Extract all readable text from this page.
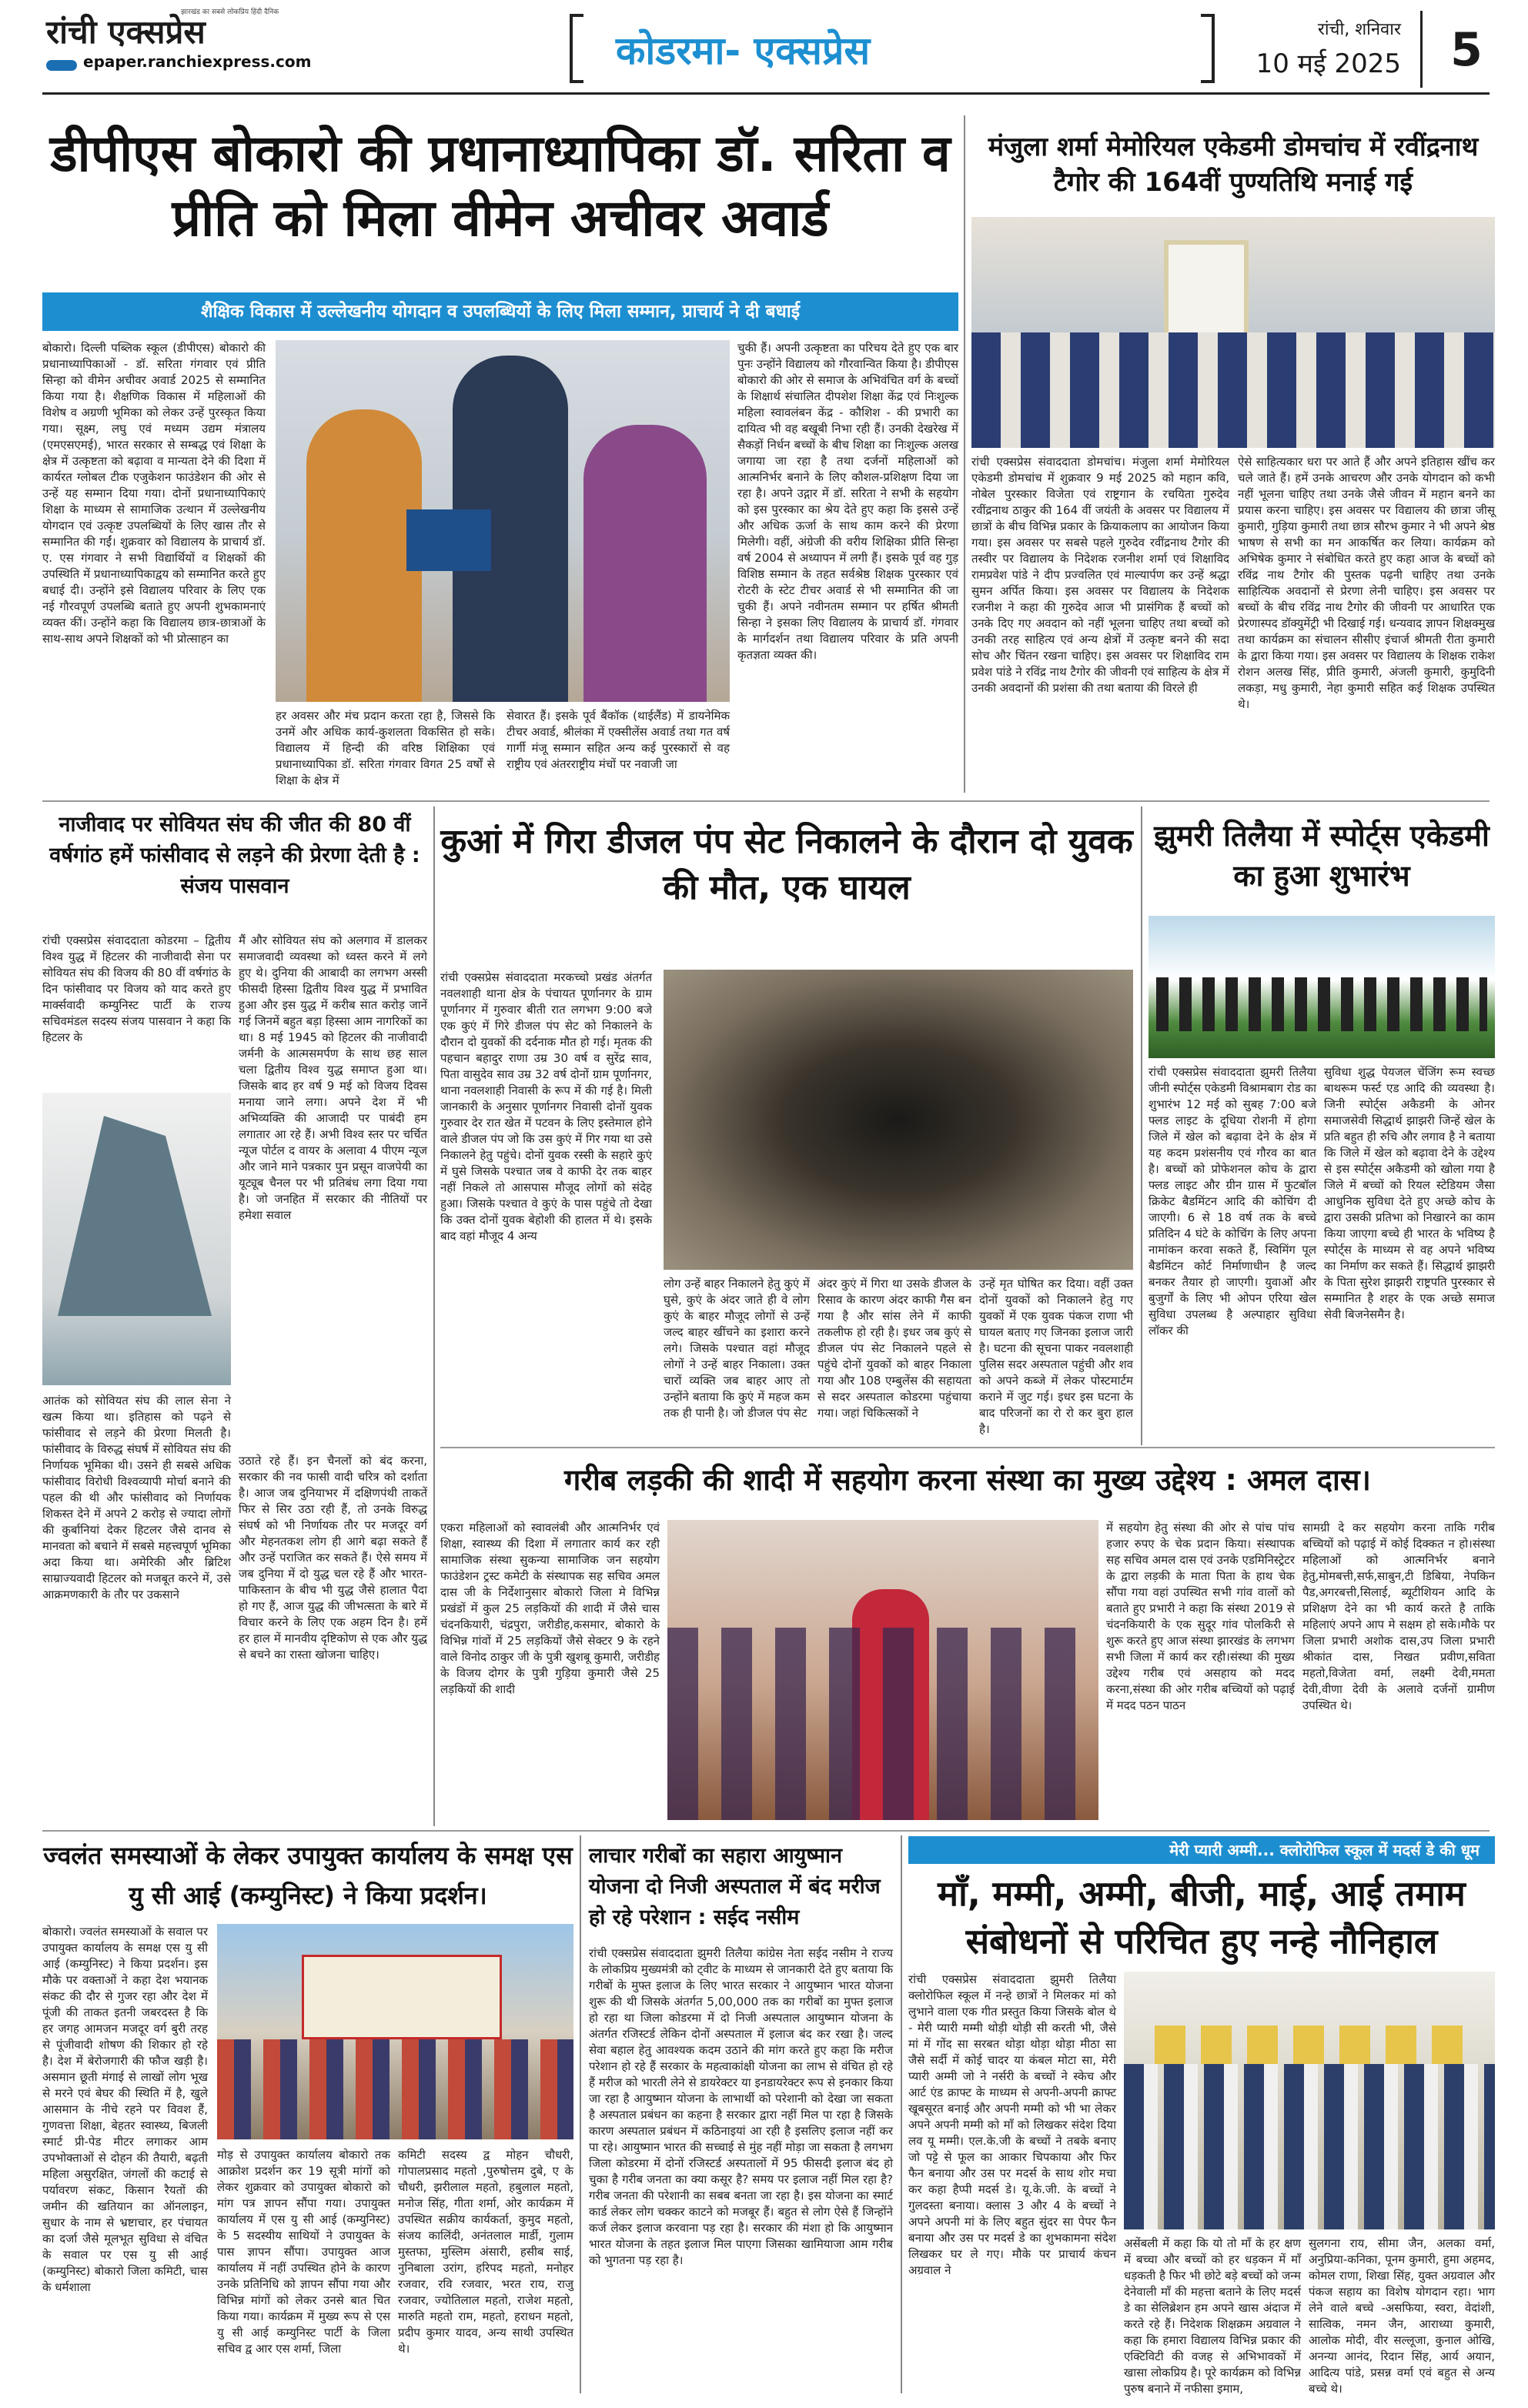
रांची एक्सप्रेस
झारखंड का सबसे लोकप्रिय हिंदी दैनिक
epaper.ranchiexpress.com	कोडरमा- एक्सप्रेस	रांची, शनिवार
10 मई 2025	5
डीपीएस बोकारो की प्रधानाध्यापिका डॉ. सरिता व प्रीति को मिला वीमेन अचीवर अवार्ड
शैक्षिक विकास में उल्लेखनीय योगदान व उपलब्धियों के लिए मिला सम्मान, प्राचार्य ने दी बधाई
बोकारो। दिल्ली पब्लिक स्कूल (डीपीएस) बोकारो की प्रधानाध्यापिकाओं - डॉ. सरिता गंगवार एवं प्रीति सिन्हा को वीमेन अचीवर अवार्ड 2025 से सम्मानित किया गया है। शैक्षणिक विकास में महिलाओं की विशेष व अग्रणी भूमिका को लेकर उन्हें पुरस्कृत किया गया। सूक्ष्म, लघु एवं मध्यम उद्यम मंत्रालय (एमएसएमई), भारत सरकार से सम्बद्ध एवं शिक्षा के क्षेत्र में उत्कृष्टता को बढ़ावा व मान्यता देने की दिशा में कार्यरत ग्लोबल टीक एजुकेशन फाउंडेशन की ओर से उन्हें यह सम्मान दिया गया। दोनों प्रधानाध्यापिकाएं शिक्षा के माध्यम से सामाजिक उत्थान में उल्लेखनीय योगदान एवं उत्कृष्ट उपलब्धियों के लिए खास तौर से सम्मानित की गईं। शुक्रवार को विद्यालय के प्राचार्य डॉ. ए. एस गंगवार ने सभी विद्यार्थियों व शिक्षकों की उपस्थिति में प्रधानाध्यापिकाद्वय को सम्मानित करते हुए बधाई दी। उन्होंने इसे विद्यालय परिवार के लिए एक नई गौरवपूर्ण उपलब्धि बताते हुए अपनी शुभकामनाएं व्यक्त कीं। उन्होंने कहा कि विद्यालय छात्र-छात्राओं के साथ-साथ अपने शिक्षकों को भी प्रोत्साहन का
हर अवसर और मंच प्रदान करता रहा है, जिससे कि उनमें और अधिक कार्य-कुशलता विकसित हो सके। विद्यालय में हिन्दी की वरिष्ठ शिक्षिका एवं प्रधानाध्यापिका डॉ. सरिता गंगवार विगत 25 वर्षों से शिक्षा के क्षेत्र में
सेवारत हैं। इसके पूर्व बैंकॉक (थाईलैंड) में डायनेमिक टीचर अवार्ड, श्रीलंका में एक्सीलेंस अवार्ड तथा गत वर्ष गार्गी मंजू सम्मान सहित अन्य कई पुरस्कारों से वह राष्ट्रीय एवं अंतरराष्ट्रीय मंचों पर नवाजी जा
चुकी हैं। अपनी उत्कृष्टता का परिचय देते हुए एक बार पुनः उन्होंने विद्यालय को गौरवान्वित किया है। डीपीएस बोकारो की ओर से समाज के अभिवंचित वर्ग के बच्चों के शिक्षार्थ संचालित दीपशेश शिक्षा केंद्र एवं निःशुल्क महिला स्वावलंबन केंद्र - कौशिश - की प्रभारी का दायित्व भी वह बखूबी निभा रही हैं। उनकी देखरेख में सैकड़ों निर्धन बच्चों के बीच शिक्षा का निःशुल्क अलख जगाया जा रहा है तथा दर्जनों महिलाओं को आत्मनिर्भर बनाने के लिए कौशल-प्रशिक्षण दिया जा रहा है। अपने उद्गार में डॉ. सरिता ने सभी के सहयोग को इस पुरस्कार का श्रेय देते हुए कहा कि इससे उन्हें और अधिक ऊर्जा के साथ काम करने की प्रेरणा मिलेगी। वहीं, अंग्रेजी की वरीय शिक्षिका प्रीति सिन्हा वर्ष 2004 से अध्यापन में लगी हैं। इसके पूर्व वह गुड़ विशिष्ठ सम्मान के तहत सर्वश्रेष्ठ शिक्षक पुरस्कार एवं रोटरी के स्टेट टीचर अवार्ड से भी सम्मानित की जा चुकी हैं। अपने नवीनतम सम्मान पर हर्षित श्रीमती सिन्हा ने इसका लिए विद्यालय के प्राचार्य डॉ. गंगवार के मार्गदर्शन तथा विद्यालय परिवार के प्रति अपनी कृतज्ञता व्यक्त की।
मंजुला शर्मा मेमोरियल एकेडमी डोमचांच में रवींद्रनाथ टैगोर की 164वीं पुण्यतिथि मनाई गई
रांची एक्सप्रेस संवाददाता डोमचांच। मंजुला शर्मा मेमोरियल एकेडमी डोमचांच में शुक्रवार 9 मई 2025 को महान कवि, नोबेल पुरस्कार विजेता एवं राष्ट्रगान के रचयिता गुरुदेव रवींद्रनाथ ठाकुर की 164 वीं जयंती के अवसर पर विद्यालय में छात्रों के बीच विभिन्न प्रकार के क्रियाकलाप का आयोजन किया गया। इस अवसर पर सबसे पहले गुरुदेव रवींद्रनाथ टैगोर की तस्वीर पर विद्यालय के निदेशक रजनीश शर्मा एवं शिक्षाविद रामप्रवेश पांडे ने दीप प्रज्वलित एवं माल्यार्पण कर उन्हें श्रद्धा सुमन अर्पित किया। इस अवसर पर विद्यालय के निदेशक रजनीश ने कहा की गुरुदेव आज भी प्रासंगिक हैं बच्चों को उनके दिए गए अवदान को नहीं भूलना चाहिए तथा बच्चों को उनकी तरह साहित्य एवं अन्य क्षेत्रों में उत्कृष्ट बनने की सदा सोच और चिंतन रखना चाहिए। इस अवसर पर शिक्षाविद राम प्रवेश पांडे ने रविंद्र नाथ टैगोर की जीवनी एवं साहित्य के क्षेत्र में उनकी अवदानों की प्रशंसा की तथा बताया की विरले ही
ऐसे साहित्यकार धरा पर आते हैं और अपने इतिहास खींच कर चले जाते हैं। हमें उनके आचरण और उनके योगदान को कभी नहीं भूलना चाहिए तथा उनके जैसे जीवन में महान बनने का प्रयास करना चाहिए। इस अवसर पर विद्यालय की छात्रा जीसू कुमारी, गुड़िया कुमारी तथा छात्र सौरभ कुमार ने भी अपने श्रेष्ठ भाषण से सभी का मन आकर्षित कर लिया। कार्यक्रम को अभिषेक कुमार ने संबोधित करते हुए कहा आज के बच्चों को रविंद्र नाथ टैगोर की पुस्तक पढ़नी चाहिए तथा उनके साहित्यिक अवदानों से प्रेरणा लेनी चाहिए। इस अवसर पर बच्चों के बीच रविंद्र नाथ टैगोर की जीवनी पर आधारित एक प्रेरणास्पद डॉक्युमेंट्री भी दिखाई गई। धन्यवाद ज्ञापन शिक्षक्मुख तथा कार्यक्रम का संचालन सीसीए इंचार्ज श्रीमती रीता कुमारी के द्वारा किया गया। इस अवसर पर विद्यालय के शिक्षक राकेश रोशन अलख सिंह, प्रीति कुमारी, अंजली कुमारी, कुमुदिनी लकड़ा, मधु कुमारी, नेहा कुमारी सहित कई शिक्षक उपस्थित थे।
नाजीवाद पर सोवियत संघ की जीत की 80 वीं वर्षगांठ हमें फांसीवाद से लड़ने की प्रेरणा देती है : संजय पासवान
रांची एक्सप्रेस संवाददाता कोडरमा – द्वितीय विश्व युद्ध में हिटलर की नाजीवादी सेना पर सोवियत संघ की विजय की 80 वीं वर्षगांठ के दिन फांसीवाद पर विजय को याद करते हुए मार्क्सवादी कम्युनिस्ट पार्टी के राज्य सचिवमंडल सदस्य संजय पासवान ने कहा कि हिटलर के
मैं और सोवियत संघ को अलगाव में डालकर समाजवादी व्यवस्था को ध्वस्त करने में लगे हुए थे। दुनिया की आबादी का लगभग अस्सी फीसदी हिस्सा द्वितीय विश्व युद्ध में प्रभावित हुआ और इस युद्ध में करीब सात करोड़ जानें गई जिनमें बहुत बड़ा हिस्सा आम नागरिकों का था। 8 मई 1945 को हिटलर की नाजीवादी जर्मनी के आत्मसमर्पण के साथ छह साल चला द्वितीय विश्व युद्ध समाप्त हुआ था। जिसके बाद हर वर्ष 9 मई को विजय दिवस मनाया जाने लगा। अपने देश में भी अभिव्यक्ति की आजादी पर पाबंदी हम लगातार आ रहे हैं। अभी विश्व स्तर पर चर्चित न्यूज पोर्टल द वायर के अलावा 4 पीएम न्यूज और जाने माने पत्रकार पुन प्रसून वाजपेयी का यूट्यूब चैनल पर भी प्रतिबंध लगा दिया गया है। जो जनहित में सरकार की नीतियों पर हमेशा सवाल
आतंक को सोवियत संघ की लाल सेना ने खत्म किया था। इतिहास को पढ़ने से फांसीवाद से लड़ने की प्रेरणा मिलती है। फांसीवाद के विरुद्ध संघर्ष में सोवियत संघ की निर्णायक भूमिका थी। उसने ही सबसे अधिक फांसीवाद विरोधी विश्वव्यापी मोर्चा बनाने की पहल की थी और फांसीवाद को निर्णायक शिकस्त देने में अपने 2 करोड़ से ज्यादा लोगों की कुर्बानियां देकर हिटलर जैसे दानव से मानवता को बचाने में सबसे महत्त्वपूर्ण भूमिका अदा किया था। अमेरिकी और ब्रिटिश साम्राज्यवादी हिटलर को मजबूत करने में, उसे आक्रमणकारी के तौर पर उकसाने
उठाते रहे हैं। इन चैनलों को बंद करना, सरकार की नव फासी वादी चरित्र को दर्शाता है। आज जब दुनियाभर में दक्षिणपंथी ताकतें फिर से सिर उठा रही हैं, तो उनके विरुद्ध संघर्ष को भी निर्णायक तौर पर मजदूर वर्ग और मेहनतकश लोग ही आगे बढ़ा सकते हैं और उन्हें पराजित कर सकते हैं। ऐसे समय में जब दुनिया में दो युद्ध चल रहे हैं और भारत-पाकिस्तान के बीच भी युद्ध जैसे हालात पैदा हो गए हैं, आज युद्ध की जीभत्सता के बारे में विचार करने के लिए एक अहम दिन है। हमें हर हाल में मानवीय दृष्टिकोण से एक और युद्ध से बचने का रास्ता खोजना चाहिए।
कुआं में गिरा डीजल पंप सेट निकालने के दौरान दो युवक की मौत, एक घायल
रांची एक्सप्रेस संवाददाता मरकच्चो प्रखंड अंतर्गत नवलशाही थाना क्षेत्र के पंचायत पूर्णानगर के ग्राम पूर्णानगर में गुरुवार बीती रात लगभग 9:00 बजे एक कुएं में गिरे डीजल पंप सेट को निकालने के दौरान दो युवकों की दर्दनाक मौत हो गई। मृतक की पहचान बहादुर राणा उम्र 30 वर्ष व सुरेंद्र साव, पिता वासुदेव साव उम्र 32 वर्ष दोनों ग्राम पूर्णानगर, थाना नवलशाही निवासी के रूप में की गई है। मिली जानकारी के अनुसार पूर्णानगर निवासी दोनों युवक गुरुवार देर रात खेत में पटवन के लिए इस्तेमाल होने वाले डीजल पंप जो कि उस कुएं में गिर गया था उसे निकालने हेतु पहुंचे। दोनों युवक रस्सी के सहारे कुएं में घुसे जिसके पश्चात जब वे काफी देर तक बाहर नहीं निकले तो आसपास मौजूद लोगों को संदेह हुआ। जिसके पश्चात वे कुएं के पास पहुंचे तो देखा कि उक्त दोनों युवक बेहोशी की हालत में थे। इसके बाद वहां मौजूद 4 अन्य
लोग उन्हें बाहर निकालने हेतु कुएं में घुसे, कुएं के अंदर जाते ही वे लोग कुएं के बाहर मौजूद लोगों से उन्हें जल्द बाहर खींचने का इशारा करने लगे। जिसके पश्चात वहां मौजूद लोगों ने उन्हें बाहर निकाला। उक्त चारों व्यक्ति जब बाहर आए तो उन्होंने बताया कि कुएं में महज कम तक ही पानी है। जो डीजल पंप सेट
अंदर कुएं में गिरा था उसके डीजल के रिसाव के कारण अंदर काफी गैस बन गया है और सांस लेने में काफी तकलीफ हो रही है। इधर जब कुएं से डीजल पंप सेट निकालने पहले से पहुंचे दोनों युवकों को बाहर निकाला गया और 108 एम्बुलेंस की सहायता से सदर अस्पताल कोडरमा पहुंचाया गया। जहां चिकित्सकों ने
उन्हें मृत घोषित कर दिया। वहीं उक्त दोनों युवकों को निकालने हेतु गए युवकों में एक युवक पंकज राणा भी घायल बताए गए जिनका इलाज जारी है। घटना की सूचना पाकर नवलशाही पुलिस सदर अस्पताल पहुंची और शव को अपने कब्जे में लेकर पोस्टमार्टम कराने में जुट गई। इधर इस घटना के बाद परिजनों का रो रो कर बुरा हाल है।
झुमरी तिलैया में स्पोर्ट्स एकेडमी का हुआ शुभारंभ
रांची एक्सप्रेस संवाददाता झुमरी तिलैया जीनी स्पोर्ट्स एकेडमी विश्रामबाग रोड का शुभारंभ 12 मई को सुबह 7:00 बजे फ्लड लाइट के दूधिया रोशनी में होगा जिले में खेल को बढ़ावा देने के क्षेत्र में यह कदम प्रशंसनीय एवं गौरव का बात है। बच्चों को प्रोफेशनल कोच के द्वारा फ्लड लाइट और ग्रीन ग्रास में फुटबॉल क्रिकेट बैडमिंटन आदि की कोचिंग दी जाएगी। 6 से 18 वर्ष तक के बच्चे प्रतिदिन 4 घंटे के कोचिंग के लिए अपना नामांकन करवा सकते हैं, स्विमिंग पूल बैडमिंटन कोर्ट निर्माणाधीन है जल्द बनकर तैयार हो जाएगी। युवाओं और बुजुर्गों के लिए भी ओपन एरिया खेल सुविधा उपलब्ध है अल्पाहार सुविधा लॉकर की
सुविधा शुद्ध पेयजल चेंजिंग रूम स्वच्छ बाथरूम फर्स्ट एड आदि की व्यवस्था है। जिनी स्पोर्ट्स अकैडमी के ओनर समाजसेवी सिद्धार्थ झाझरी जिन्हें खेल के प्रति बहुत ही रुचि और लगाव है ने बताया कि जिले में खेल को बढ़ावा देने के उद्देश्य से इस स्पोर्ट्स अकैडमी को खोला गया है जिले में बच्चों को रियल स्टेडियम जैसा आधुनिक सुविधा देते हुए अच्छे कोच के द्वारा उसकी प्रतिभा को निखारने का काम किया जाएगा बच्चे ही भारत के भविष्य है स्पोर्ट्स के माध्यम से वह अपने भविष्य का निर्माण कर सकते हैं। सिद्धार्थ झाझरी के पिता सुरेश झाझरी राष्ट्रपति पुरस्कार से सम्मानित है शहर के एक अच्छे समाज सेवी बिजनेसमैन है।
गरीब लड़की की शादी में सहयोग करना संस्था का मुख्य उद्देश्य : अमल दास।
एकरा महिलाओं को स्वावलंबी और आत्मनिर्भर एवं शिक्षा, स्वास्थ्य की दिशा में लगातार कार्य कर रही सामाजिक संस्था सुकन्या सामाजिक जन सहयोग फाउंडेशन ट्रस्ट कमेटी के संस्थापक सह सचिव अमल दास जी के निर्देशानुसार बोकारो जिला मे विभिन्न प्रखंडों में कुल 25 लड़कियों की शादी में जैसे चास चंदनकियारी, चंद्रपुरा, जरीडीह,कसमार, बोकारो के विभिन्न गांवों में 25 लड़कियों जैसे सेक्टर 9 के रहने वाले विनोद ठाकुर जी के पुत्री खुशबू कुमारी, जरीडीह के विजय दोगर के पुत्री गुड़िया कुमारी जैसे 25 लड़कियों की शादी
में सहयोग हेतु संस्था की ओर से पांच पांच हजार रुपए के चेक प्रदान किया। संस्थापक सह सचिव अमल दास एवं उनके एडमिनिस्ट्रेटर के द्वारा लड़की के माता पिता के हाथ चेक सौंपा गया वहां उपस्थित सभी गांव वालों को बताते हुए प्रभारी ने कहा कि संस्था 2019 से चंदनकियारी के एक सुदूर गांव पोलकिरी से शुरू करते हुए आज संस्था झारखंड के लगभग सभी जिला में कार्य कर रही।संस्था की मुख्य उद्देश्य गरीब एवं असहाय को मदद करना,संस्था की ओर गरीब बच्चियों को पढ़ाई में मदद पठन पाठन
सामग्री दे कर सहयोग करना ताकि गरीब बच्चियों को पढ़ाई में कोई दिक्कत न हो।संस्था महिलाओं को आत्मनिर्भर बनाने हेतु,मोमबत्ती,सर्फ,साबुन,टी डिबिया, नेपकिन पैड,अगरबत्ती,सिलाई, ब्यूटीशियन आदि के प्रशिक्षण देने का भी कार्य करते है ताकि महिलाएं अपने आप मे सक्षम हो सके।मौके पर जिला प्रभारी अशोक दास,उप जिला प्रभारी श्रीकांत दास, निखत प्रवीण,सविता महतो,विजेता वर्मा, लक्ष्मी देवी,ममता देवी,वीणा देवी के अलावे दर्जनों ग्रामीण उपस्थित थे।
ज्वलंत समस्याओं के लेकर उपायुक्त कार्यालय के समक्ष एस यु सी आई (कम्युनिस्ट) ने किया प्रदर्शन।
बोकारो। ज्वलंत समस्याओं के सवाल पर उपायुक्त कार्यालय के समक्ष एस यु सी आई (कम्युनिस्ट) ने किया प्रदर्शन। इस मौके पर वक्ताओं ने कहा देश भयानक संकट की दौर से गुजर रहा और देश में पूंजी की ताकत इतनी जबरदस्त है कि हर जगह आमजन मजदूर वर्ग बुरी तरह से पूंजीवादी शोषण की शिकार हो रहे है। देश में बेरोजगारी की फौज खड़ी है। असमान छूती मंगाई से लाखों लोग भूख से मरने एवं बेघर की स्थिति में है, खुले आसमान के नीचे रहने पर विवश हैं, गुणवत्ता शिक्षा, बेहतर स्वास्थ्य, बिजली स्मार्ट प्री-पेड मीटर लगाकर आम उपभोक्ताओं से दोहन की तैयारी, बढ़ती महिला असुरक्षित, जंगलों की कटाई से पर्यावरण संकट, किसान रैयतों की जमीन की खतियान का ऑनलाइन, सुधार के नाम से भ्रष्टाचार, हर पंचायत का दर्जा जैसे मूलभूत सुविधा से वंचित के सवाल पर एस यु सी आई (कम्युनिस्ट) बोकारो जिला कमिटी, चास के धर्मशाला
मोड़ से उपायुक्त कार्यालय बोकारो तक आक्रोश प्रदर्शन कर 19 सूत्री मांगों को लेकर शुक्रवार को उपायुक्त बोकारो को मांग पत्र ज्ञापन सौंपा गया। उपायुक्त कार्यालय में एस यु सी आई (कम्युनिस्ट) के 5 सदस्यीय साथियों ने उपायुक्त के पास ज्ञापन सौंपा। उपायुक्त आज कार्यालय में नहीं उपस्थित होने के कारण उनके प्रतिनिधि को ज्ञापन सौंपा गया और विभिन्न मांगों को लेकर उनसे बात चित किया गया। कार्यक्रम में मुख्य रूप से एस यु सी आई कम्युनिस्ट पार्टी के जिला सचिव द्व आर एस शर्मा, जिला
कमिटी सदस्य द्व मोहन चौधरी, गोपालप्रसाद महतो ,पुरुषोत्तम दुबे, ए के चौधरी, झरीलाल महतो, हबुलाल महतो, मनोज सिंह, गीता शर्मा, ओर कार्यक्रम में उपस्थित सक्रीय कार्यकर्ता, कुमुद महतो, संजय कालिंदी, अनंतलाल मार्डी, गुलाम मुस्तफा, मुस्लिम अंसारी, हसीब साई, नुनिबाला उरांग, हरिपद महतो, मनोहर रजवार, रवि रजवार, भरत राय, राजु रजवार, ज्योतिलाल महतो, राजेश महतो, मारुति महतो राम, महतो, हराधन महतो, प्रदीप कुमार यादव, अन्य साथी उपस्थित थे।
लाचार गरीबों का सहारा आयुष्मान योजना दो निजी अस्पताल में बंद मरीज हो रहे परेशान : सईद नसीम
रांची एक्सप्रेस संवाददाता झुमरी तिलैया कांग्रेस नेता सईद नसीम ने राज्य के लोकप्रिय मुख्यमंत्री को ट्वीट के माध्यम से जानकारी देते हुए बताया कि गरीबों के मुफ्त इलाज के लिए भारत सरकार ने आयुष्मान भारत योजना शुरू की थी जिसके अंतर्गत 5,00,000 तक का गरीबों का मुफ्त इलाज हो रहा था जिला कोडरमा में दो निजी अस्पताल आयुष्मान योजना के अंतर्गत रजिस्टर्ड लेकिन दोनों अस्पताल में इलाज बंद कर रखा है। जल्द सेवा बहाल हेतु आवश्यक कदम उठाने की मांग करते हुए कहा कि मरीज परेशान हो रहे हैं सरकार के महत्वाकांक्षी योजना का लाभ से वंचित हो रहे हैं मरीज को भारती लेने से डायरेक्टर या इनडायरेक्टर रूप से इनकार किया जा रहा है आयुष्मान योजना के लाभार्थी को परेशानी को देखा जा सकता है अस्पताल प्रबंधन का कहना है सरकार द्वारा नहीं मिल पा रहा है जिसके कारण अस्पताल प्रबंधन में कठिनाइयां आ रही है इसलिए इलाज नहीं कर पा रहे। आयुष्मान भारत की सच्चाई से मुंह नहीं मोड़ा जा सकता है लगभग जिला कोडरमा में दोनों रजिस्टर्ड अस्पतालों में 95 फीसदी इलाज बंद हो चुका है गरीब जनता का क्या कसूर है? समय पर इलाज नहीं मिल रहा है? गरीब जनता की परेशानी का सबब बनता जा रहा है। इस योजना का स्मार्ट कार्ड लेकर लोग चक्कर काटने को मजबूर हैं। बहुत से लोग ऐसे हैं जिन्होंने कर्ज लेकर इलाज करवाना पड़ रहा है। सरकार की मंशा हो कि आयुष्मान भारत योजना के तहत इलाज मिल पाएगा जिसका खामियाजा आम गरीब को भुगतना पड़ रहा है।
मेरी प्यारी अम्मी... क्लोरोफिल स्कूल में मदर्स डे की धूम
माँ, मम्मी, अम्मी, बीजी, माई, आई तमाम संबोधनों से परिचित हुए नन्हे नौनिहाल
रांची एक्सप्रेस संवाददाता झुमरी तिलैया क्लोरोफिल स्कूल में नन्हे छात्रों ने मिलकर मां को लुभाने वाला एक गीत प्रस्तुत किया जिसके बोल थे - मेरी प्यारी मम्मी थोड़ी थोड़ी सी करती भी, जैसे मां में गोंद सा सरबत थोड़ा थोड़ा थोड़ा मीठा सा जैसे सर्दी में कोई चादर या कंबल मोटा सा, मेरी प्यारी अम्मी जो ने नर्सरी के बच्चों ने स्केच और आर्ट एंड क्राफ्ट के माध्यम से अपनी-अपनी क्राफ्ट खूबसूरत बनाई और अपनी मम्मी को भी भा लेकर अपने अपनी मम्मी को माँ को लिखकर संदेश दिया लव यू मम्मी। एल.के.जी के बच्चों ने तबके बनाए जो पट्टे से फूल का आकार चिपकाया और फिर फैन बनाया और उस पर मदर्स के साथ शोर मचा कर कहा हैप्पी मदर्स डे। यू.के.जी. के बच्चों ने गुलदस्ता बनाया। क्लास 3 और 4 के बच्चों ने अपने अपनी मां के लिए बहुत सुंदर सा पेपर फैन बनाया और उस पर मदर्स डे का शुभकामना संदेश लिखकर घर ले गए। मौके पर प्राचार्य कंचन अग्रवाल ने
असेंबली में कहा कि यो तो माँ के हर क्षण में बच्चा और बच्चों को हर धड़कन में माँ धड़कती है फिर भी छोटे बड़े बच्चों को जन्म देनेवाली माँ की महत्ता बताने के लिए मदर्स डे का सेलिब्रेशन हम अपने खास अंदाज में करते रहे हैं। निदेशक शिक्षक्रम अग्रवाल ने कहा कि हमारा विद्यालय विभिन्न प्रकार की एक्टिविटी की वजह से अभिभावकों में खासा लोकप्रिय है। पूरे कार्यक्रम को विभिन्न पुरुष बनाने में नफीसा इमाम,
सुलगना राय, सीमा जैन, अलका वर्मा, अनुप्रिया-कनिका, पूनम कुमारी, हुमा अहमद, कोमल राणा, शिखा सिंह, युक्त अग्रवाल और पंकज सहाय का विशेष योगदान रहा। भाग लेने वाले बच्चे -असफिया, स्वरा, वेदांशी, सात्विक, नमन जैन, आराध्या कुमारी, आलोक मोदी, वीर सल्लूजा, कुनाल ओखि, अनन्या आनंद, रिदान सिंह, आर्य अयान, आदित्य पांडे, प्रसन्न वर्मा एवं बहुत से अन्य बच्चे थे।
